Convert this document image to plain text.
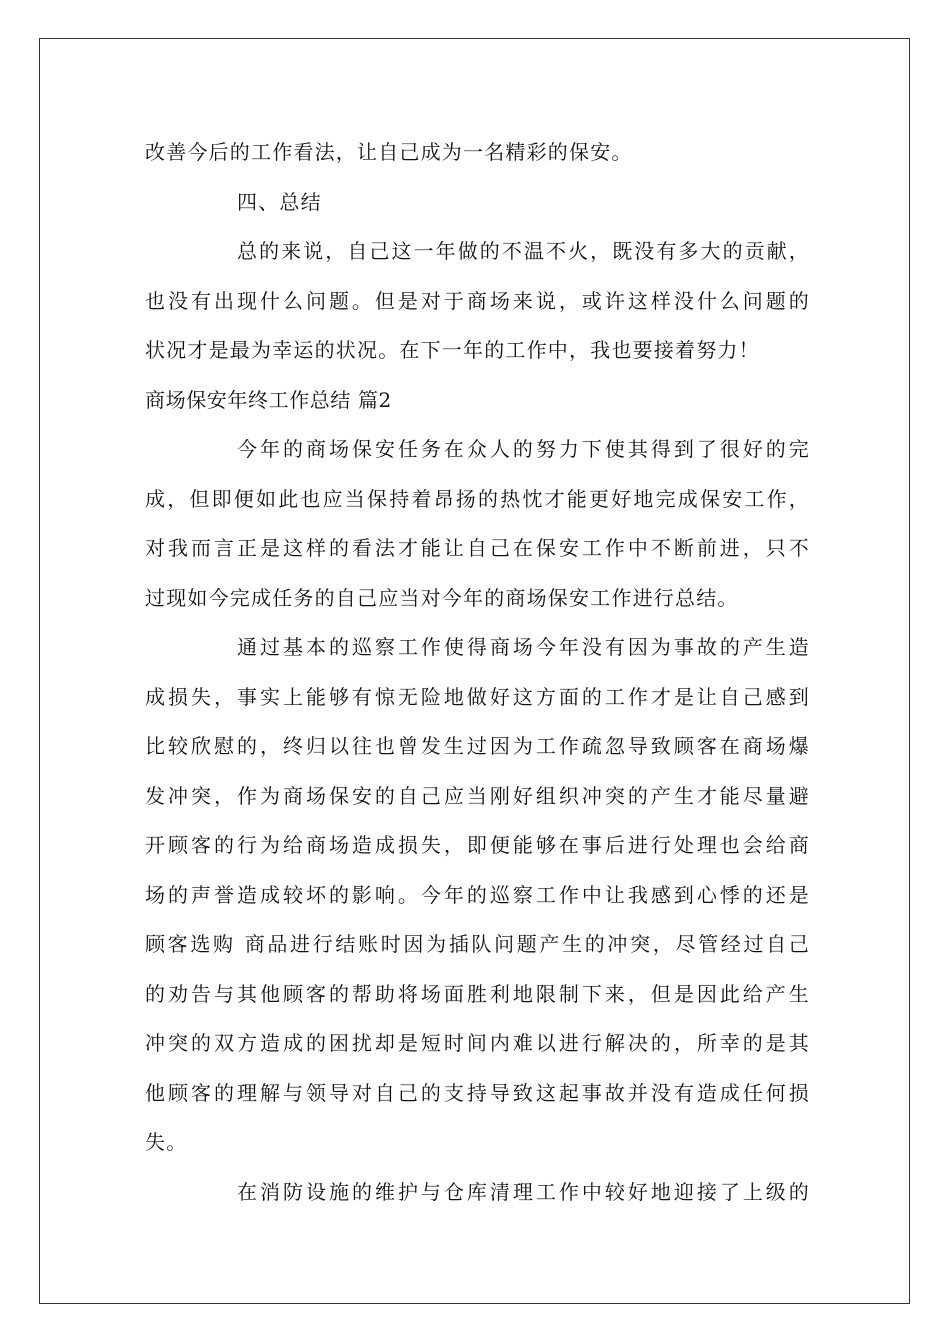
改善今后的工作看法，让自己成为一名精彩的保安。
四、总结
总的来说，自己这一年做的不温不火，既没有多大的贡献，
也没有出现什么问题。但是对于商场来说，或许这样没什么问题的
状况才是最为幸运的状况。在下一年的工作中，我也要接着努力！
商场保安年终工作总结 篇2
今年的商场保安任务在众人的努力下使其得到了很好的完
成，但即便如此也应当保持着昂扬的热忱才能更好地完成保安工作，
对我而言正是这样的看法才能让自己在保安工作中不断前进，只不
过现如今完成任务的自己应当对今年的商场保安工作进行总结。
通过基本的巡察工作使得商场今年没有因为事故的产生造
成损失，事实上能够有惊无险地做好这方面的工作才是让自己感到
比较欣慰的，终归以往也曾发生过因为工作疏忽导致顾客在商场爆
发冲突，作为商场保安的自己应当刚好组织冲突的产生才能尽量避
开顾客的行为给商场造成损失，即便能够在事后进行处理也会给商
场的声誉造成较坏的影响。今年的巡察工作中让我感到心悸的还是
顾客选购 商品进行结账时因为插队问题产生的冲突，尽管经过自己
的劝告与其他顾客的帮助将场面胜利地限制下来，但是因此给产生
冲突的双方造成的困扰却是短时间内难以进行解决的，所幸的是其
他顾客的理解与领导对自己的支持导致这起事故并没有造成任何损
失。
在消防设施的维护与仓库清理工作中较好地迎接了上级的
